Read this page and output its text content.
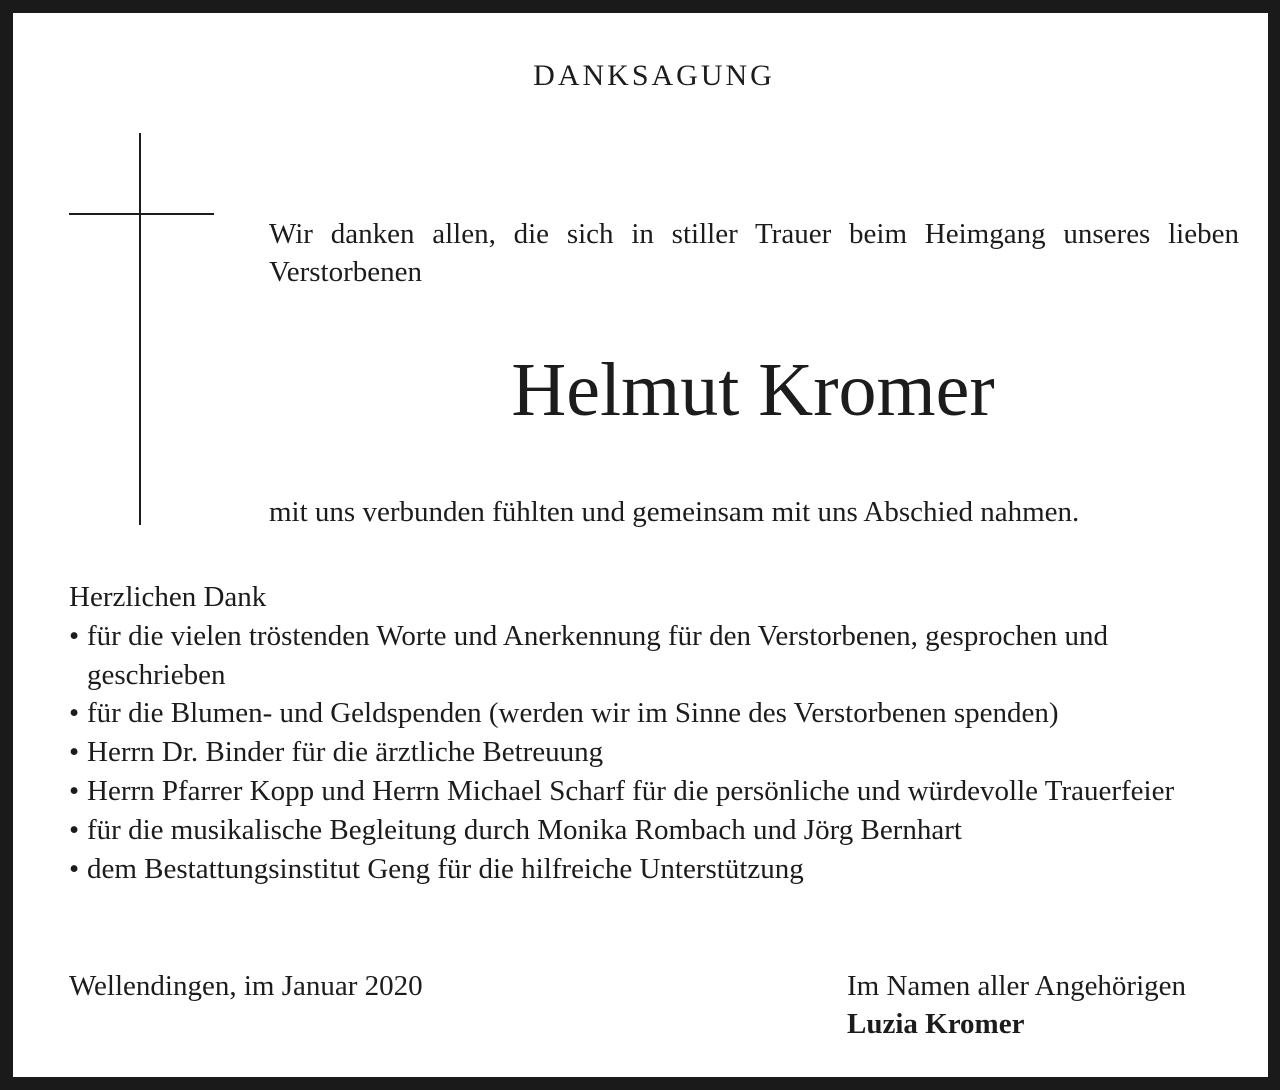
DANKSAGUNG
Wir danken allen, die sich in stiller Trauer beim Heimgang unseres lieben Verstorbenen
Helmut Kromer
mit uns verbunden fühlten und gemeinsam mit uns Abschied nahmen.
Herzlichen Dank
• für die vielen tröstenden Worte und Anerkennung für den Verstorbenen, gesprochen und geschrieben
• für die Blumen- und Geldspenden (werden wir im Sinne des Verstorbenen spenden)
• Herrn Dr. Binder für die ärztliche Betreuung
• Herrn Pfarrer Kopp und Herrn Michael Scharf für die persönliche und würdevolle Trauerfeier
• für die musikalische Begleitung durch Monika Rombach und Jörg Bernhart
• dem Bestattungsinstitut Geng für die hilfreiche Unterstützung
Wellendingen, im Januar 2020	Im Namen aller Angehörigen
Luzia Kromer
